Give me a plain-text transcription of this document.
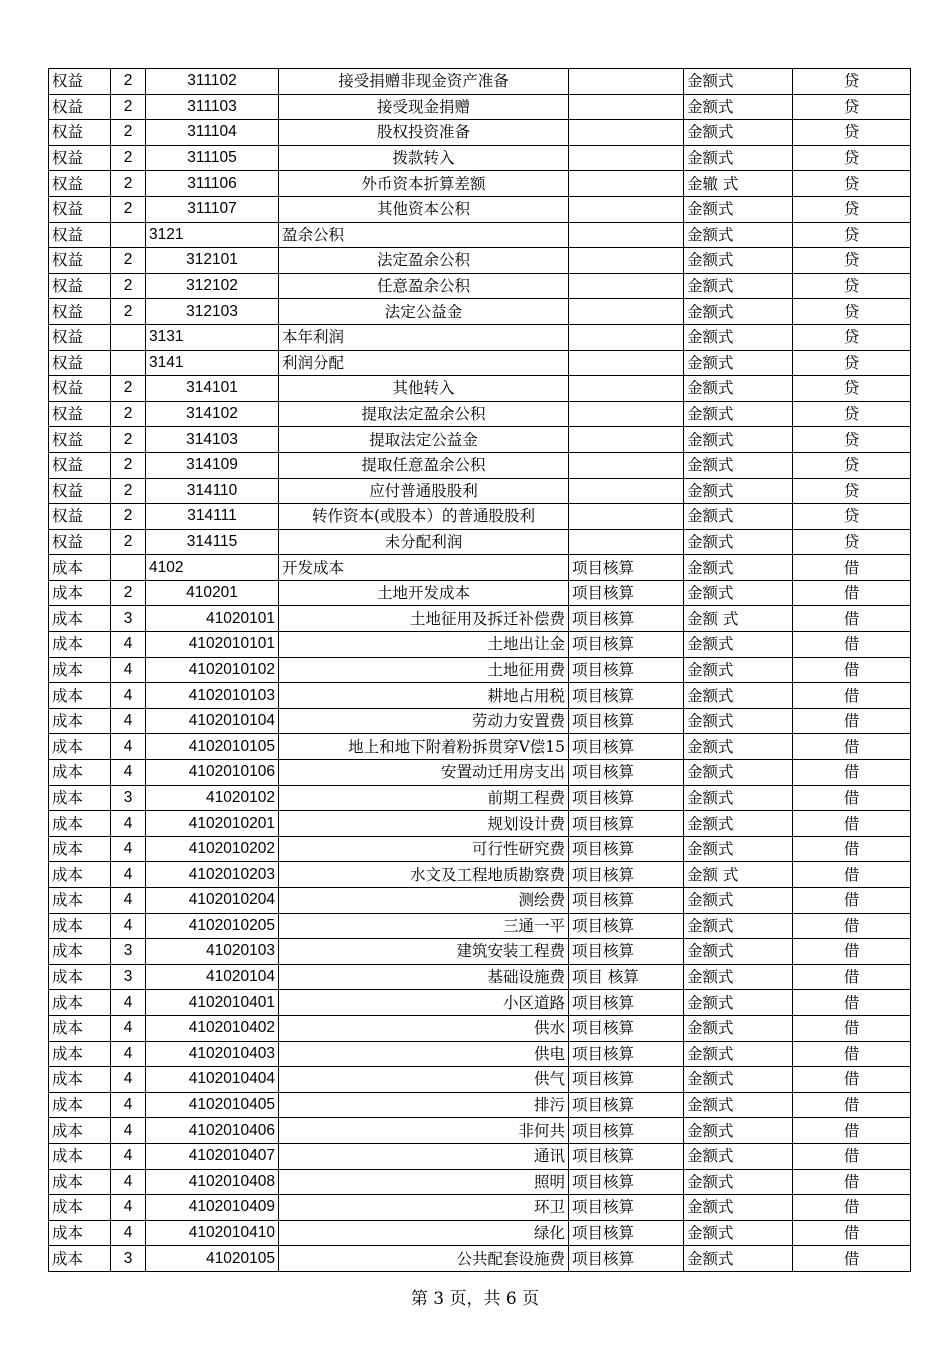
权益	2	311102	接受捐赠非现金资产准备		金额式	贷
权益	2	311103	接受现金捐赠		金额式	贷
权益	2	311104	股权投资准备		金额式	贷
权益	2	311105	拨款转入		金额式	贷
权益	2	311106	外币资本折算差额		金辙 式	贷
权益	2	311107	其他资本公积		金额式	贷
权益		3121	盈余公积		金额式	贷
权益	2	312101	法定盈余公积		金额式	贷
权益	2	312102	任意盈余公积		金额式	贷
权益	2	312103	法定公益金		金额式	贷
权益		3131	本年利润		金额式	贷
权益		3141	利润分配		金额式	贷
权益	2	314101	其他转入		金额式	贷
权益	2	314102	提取法定盈余公积		金额式	贷
权益	2	314103	提取法定公益金		金额式	贷
权益	2	314109	提取任意盈余公积		金额式	贷
权益	2	314110	应付普通股股利		金额式	贷
权益	2	314111	转作资本(或股本）的普通股股利		金额式	贷
权益	2	314115	未分配利润		金额式	贷
成本		4102	开发成本	项目核算	金额式	借
成本	2	410201	土地开发成本	项目核算	金额式	借
成本	3	41020101	土地征用及拆迁补偿费	项目核算	金额 式	借
成本	4	4102010101	土地出让金	项目核算	金额式	借
成本	4	4102010102	土地征用费	项目核算	金额式	借
成本	4	4102010103	耕地占用税	项目核算	金额式	借
成本	4	4102010104	劳动力安置费	项目核算	金额式	借
成本	4	4102010105	地上和地下附着粉拆贯穿V偿15	项目核算	金额式	借
成本	4	4102010106	安置动迁用房支出	项目核算	金额式	借
成本	3	41020102	前期工程费	项目核算	金额式	借
成本	4	4102010201	规划设计费	项目核算	金额式	借
成本	4	4102010202	可行性研究费	项目核算	金额式	借
成本	4	4102010203	水文及工程地质勘察费	项目核算	金额 式	借
成本	4	4102010204	测绘费	项目核算	金额式	借
成本	4	4102010205	三通一平	项目核算	金额式	借
成本	3	41020103	建筑安装工程费	项目核算	金额式	借
成本	3	41020104	基础设施费	项目 核算	金额式	借
成本	4	4102010401	小区道路	项目核算	金额式	借
成本	4	4102010402	供水	项目核算	金额式	借
成本	4	4102010403	供电	项目核算	金额式	借
成本	4	4102010404	供气	项目核算	金额式	借
成本	4	4102010405	排污	项目核算	金额式	借
成本	4	4102010406	非何共	项目核算	金额式	借
成本	4	4102010407	通讯	项目核算	金额式	借
成本	4	4102010408	照明	项目核算	金额式	借
成本	4	4102010409	环卫	项目核算	金额式	借
成本	4	4102010410	绿化	项目核算	金额式	借
成本	3	41020105	公共配套设施费	项目核算	金额式	借
第 3 页，共 6 页
